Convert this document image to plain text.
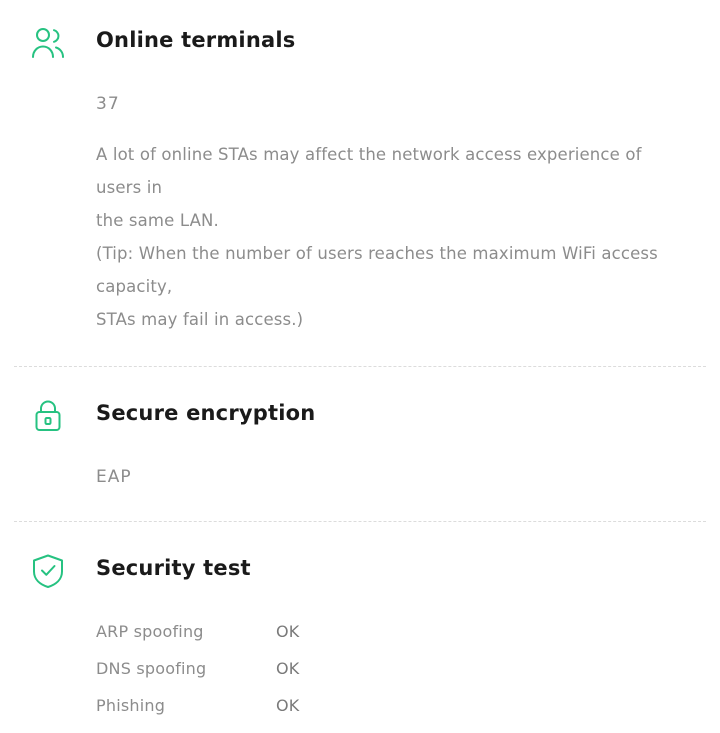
Online terminals
37
A lot of online STAs may affect the network access experience of users in
the same LAN.
(Tip: When the number of users reaches the maximum WiFi access capacity,
STAs may fail in access.)
Secure encryption
EAP
Security test
ARP spoofing	OK
DNS spoofing	OK
Phishing	OK
